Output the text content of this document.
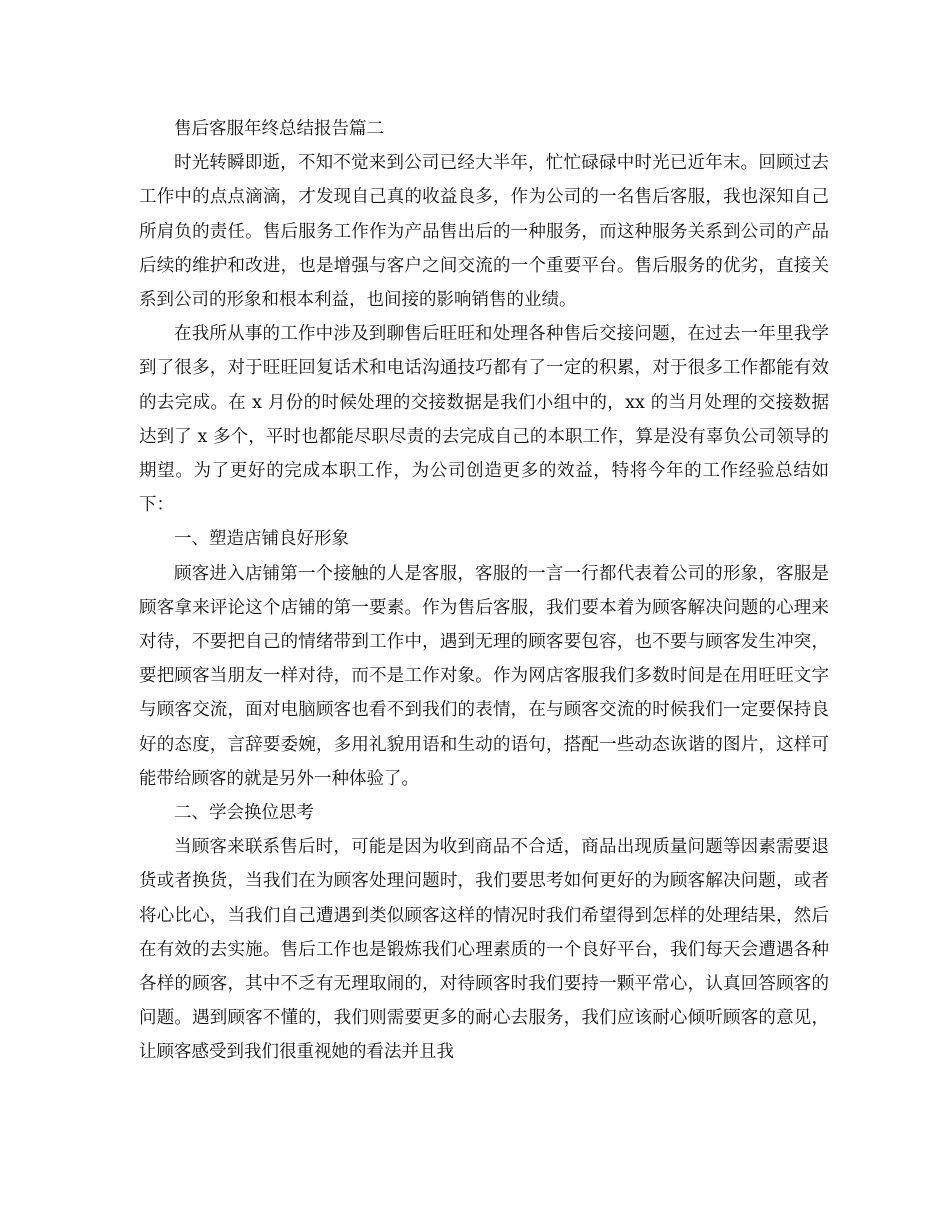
售后客服年终总结报告篇二

时光转瞬即逝，不知不觉来到公司已经大半年，忙忙碌碌中时光已近年末。回顾过去工作中的点点滴滴，才发现自己真的收益良多，作为公司的一名售后客服，我也深知自己所肩负的责任。售后服务工作作为产品售出后的一种服务，而这种服务关系到公司的产品后续的维护和改进，也是增强与客户之间交流的一个重要平台。售后服务的优劣，直接关系到公司的形象和根本利益，也间接的影响销售的业绩。

在我所从事的工作中涉及到聊售后旺旺和处理各种售后交接问题，在过去一年里我学到了很多，对于旺旺回复话术和电话沟通技巧都有了一定的积累，对于很多工作都能有效的去完成。在 x 月份的时候处理的交接数据是我们小组中的，xx 的当月处理的交接数据达到了 x 多个，平时也都能尽职尽责的去完成自己的本职工作，算是没有辜负公司领导的期望。为了更好的完成本职工作，为公司创造更多的效益，特将今年的工作经验总结如下：

一、塑造店铺良好形象

顾客进入店铺第一个接触的人是客服，客服的一言一行都代表着公司的形象，客服是顾客拿来评论这个店铺的第一要素。作为售后客服，我们要本着为顾客解决问题的心理来对待，不要把自己的情绪带到工作中，遇到无理的顾客要包容，也不要与顾客发生冲突，要把顾客当朋友一样对待，而不是工作对象。作为网店客服我们多数时间是在用旺旺文字与顾客交流，面对电脑顾客也看不到我们的表情，在与顾客交流的时候我们一定要保持良好的态度，言辞要委婉，多用礼貌用语和生动的语句，搭配一些动态诙谐的图片，这样可能带给顾客的就是另外一种体验了。

二、学会换位思考

当顾客来联系售后时，可能是因为收到商品不合适，商品出现质量问题等因素需要退货或者换货，当我们在为顾客处理问题时，我们要思考如何更好的为顾客解决问题，或者将心比心，当我们自己遭遇到类似顾客这样的情况时我们希望得到怎样的处理结果，然后在有效的去实施。售后工作也是锻炼我们心理素质的一个良好平台，我们每天会遭遇各种各样的顾客，其中不乏有无理取闹的，对待顾客时我们要持一颗平常心，认真回答顾客的问题。遇到顾客不懂的，我们则需要更多的耐心去服务，我们应该耐心倾听顾客的意见，让顾客感受到我们很重视她的看法并且我
